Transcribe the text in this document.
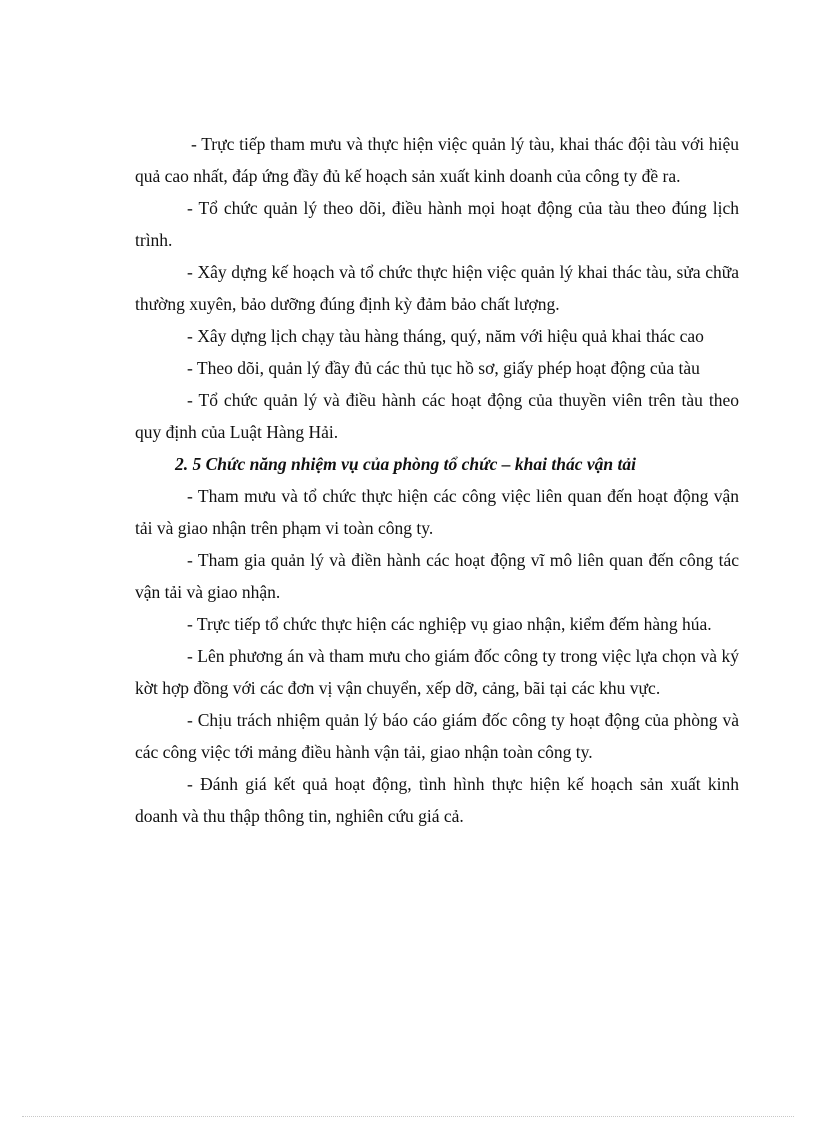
- Trực tiếp tham mưu và thực hiện việc quản lý tàu, khai thác đội tàu với hiệu quả cao nhất, đáp ứng đầy đủ kế hoạch sản xuất kinh doanh của công ty đề ra.

- Tổ chức quản lý theo dõi, điều hành mọi hoạt động của tàu theo đúng lịch trình.

- Xây dựng kế hoạch và tổ chức thực hiện việc quản lý khai thác tàu, sửa chữa thường xuyên, bảo dưỡng đúng định kỳ đảm bảo chất lượng.

- Xây dựng lịch chạy tàu hàng tháng, quý, năm với hiệu quả khai thác cao

- Theo dõi, quản lý đầy đủ các thủ tục hồ sơ, giấy phép hoạt động của tàu

- Tổ chức quản lý và điều hành các hoạt động của thuyền viên trên tàu theo quy định của Luật Hàng Hải.

2. 5 Chức năng nhiệm vụ của phòng tổ chức – khai thác vận tải

- Tham mưu và tổ chức thực hiện các công việc liên quan đến hoạt động vận tải và giao nhận trên phạm vi toàn công ty.

- Tham gia quản lý và điền hành các hoạt động vĩ mô liên quan đến công tác vận tải và giao nhận.

- Trực tiếp tổ chức thực hiện các nghiệp vụ giao nhận, kiểm đếm hàng húa.

- Lên phương án và tham mưu cho giám đốc công ty trong việc lựa chọn và ký kờt hợp đồng với các đơn vị vận chuyển, xếp dỡ, cảng, bãi tại các khu vực.

- Chịu trách nhiệm quản lý báo cáo giám đốc công ty hoạt động của phòng và các công việc tới mảng điều hành vận tải, giao nhận toàn công ty.

- Đánh giá kết quả hoạt động, tình hình thực hiện kế hoạch sản xuất kinh doanh và thu thập thông tin, nghiên cứu giá cả.
